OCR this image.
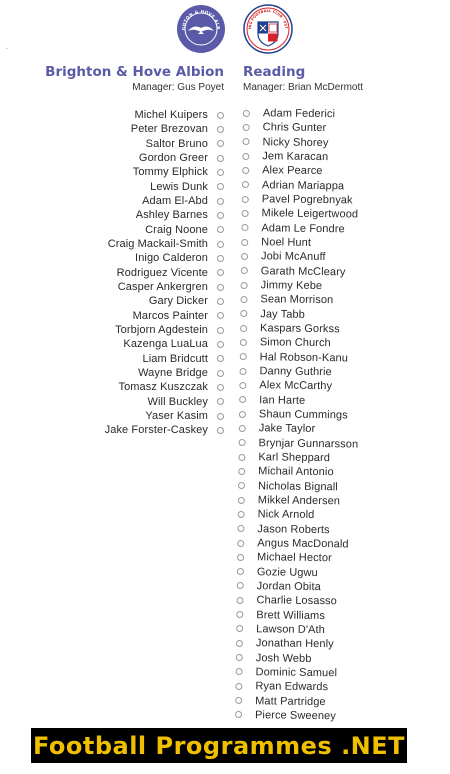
-
GHTON & HOVE ALB	ING FOOTBALL CLUB · EST
Brighton & Hove Albion Reading
Manager: Gus Poyet Manager: Brian McDermott
Michel Kuipers
Peter Brezovan
Saltor Bruno
Gordon Greer
Tommy Elphick
Lewis Dunk
Adam El-Abd
Ashley Barnes
Craig Noone
Craig Mackail-Smith
Inigo Calderon
Rodriguez Vicente
Casper Ankergren
Gary Dicker
Marcos Painter
Torbjorn Agdestein
Kazenga LuaLua
Liam Bridcutt
Wayne Bridge
Tomasz Kuszczak
Will Buckley
Yaser Kasim
Jake Forster-Caskey
Adam Federici
Chris Gunter
Nicky Shorey
Jem Karacan
Alex Pearce
Adrian Mariappa
Pavel Pogrebnyak
Mikele Leigertwood
Adam Le Fondre
Noel Hunt
Jobi McAnuff
Garath McCleary
Jimmy Kebe
Sean Morrison
Jay Tabb
Kaspars Gorkss
Simon Church
Hal Robson-Kanu
Danny Guthrie
Alex McCarthy
Ian Harte
Shaun Cummings
Jake Taylor
Brynjar Gunnarsson
Karl Sheppard
Michail Antonio
Nicholas Bignall
Mikkel Andersen
Nick Arnold
Jason Roberts
Angus MacDonald
Michael Hector
Gozie Ugwu
Jordan Obita
Charlie Losasso
Brett Williams
Lawson D'Ath
Jonathan Henly
Josh Webb
Dominic Samuel
Ryan Edwards
Matt Partridge
Pierce Sweeney
Football Programmes .NET
